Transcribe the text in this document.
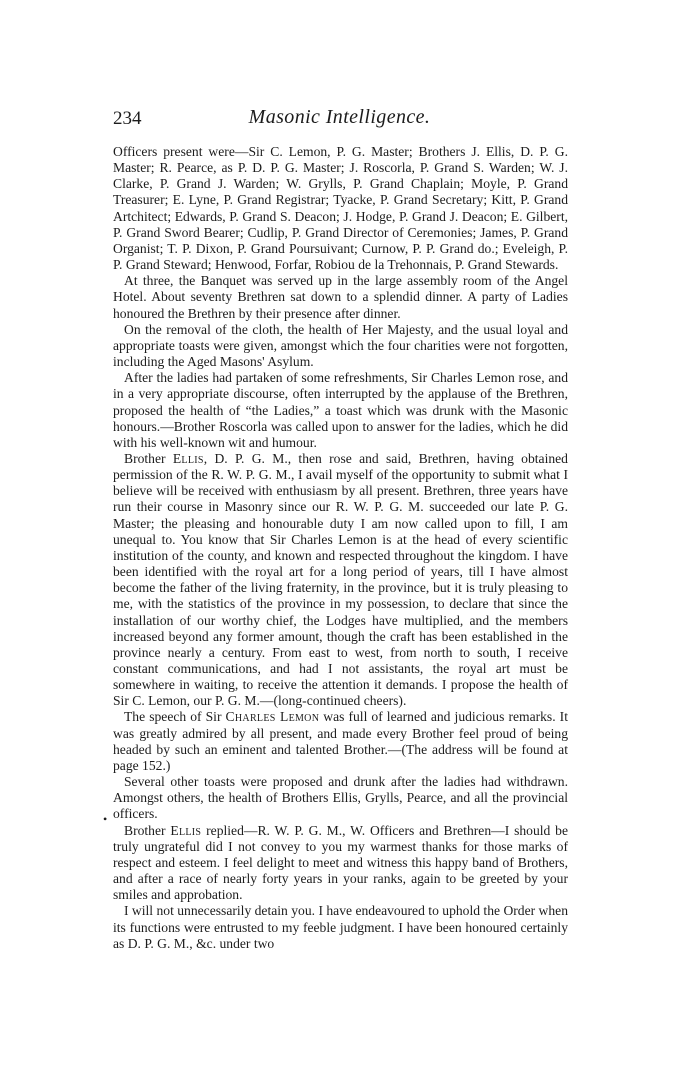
234	Masonic Intelligence.
•

Officers present were—Sir C. Lemon, P. G. Master; Brothers J. Ellis, D. P. G. Master; R. Pearce, as P. D. P. G. Master; J. Roscorla, P. Grand S. Warden; W. J. Clarke, P. Grand J. Warden; W. Grylls, P. Grand Chaplain; Moyle, P. Grand Treasurer; E. Lyne, P. Grand Registrar; Tyacke, P. Grand Secretary; Kitt, P. Grand Artchitect; Edwards, P. Grand S. Deacon; J. Hodge, P. Grand J. Deacon; E. Gilbert, P. Grand Sword Bearer; Cudlip, P. Grand Director of Ceremonies; James, P. Grand Organist; T. P. Dixon, P. Grand Poursuivant; Curnow, P. P. Grand do.; Eveleigh, P. P. Grand Steward; Henwood, Forfar, Robiou de la Trehonnais, P. Grand Stewards.

At three, the Banquet was served up in the large assembly room of the Angel Hotel. About seventy Brethren sat down to a splendid dinner. A party of Ladies honoured the Brethren by their presence after dinner.

On the removal of the cloth, the health of Her Majesty, and the usual loyal and appropriate toasts were given, amongst which the four charities were not forgotten, including the Aged Masons' Asylum.

After the ladies had partaken of some refreshments, Sir Charles Lemon rose, and in a very appropriate discourse, often interrupted by the applause of the Brethren, proposed the health of “the Ladies,” a toast which was drunk with the Masonic honours.—Brother Roscorla was called upon to answer for the ladies, which he did with his well-known wit and humour.

Brother Ellis, D. P. G. M., then rose and said, Brethren, having obtained permission of the R. W. P. G. M., I avail myself of the opportunity to submit what I believe will be received with enthusiasm by all present. Brethren, three years have run their course in Masonry since our R. W. P. G. M. succeeded our late P. G. Master; the pleasing and honourable duty I am now called upon to fill, I am unequal to. You know that Sir Charles Lemon is at the head of every scientific institution of the county, and known and respected throughout the kingdom. I have been identified with the royal art for a long period of years, till I have almost become the father of the living fraternity, in the province, but it is truly pleasing to me, with the statistics of the province in my possession, to declare that since the installation of our worthy chief, the Lodges have multiplied, and the members increased beyond any former amount, though the craft has been established in the province nearly a century. From east to west, from north to south, I receive constant communications, and had I not assistants, the royal art must be somewhere in waiting, to receive the attention it demands. I propose the health of Sir C. Lemon, our P. G. M.—(long-continued cheers).

The speech of Sir Charles Lemon was full of learned and judicious remarks. It was greatly admired by all present, and made every Brother feel proud of being headed by such an eminent and talented Brother.—(The address will be found at page 152.)

Several other toasts were proposed and drunk after the ladies had withdrawn. Amongst others, the health of Brothers Ellis, Grylls, Pearce, and all the provincial officers.

Brother Ellis replied—R. W. P. G. M., W. Officers and Brethren—I should be truly ungrateful did I not convey to you my warmest thanks for those marks of respect and esteem. I feel delight to meet and witness this happy band of Brothers, and after a race of nearly forty years in your ranks, again to be greeted by your smiles and approbation.

I will not unnecessarily detain you. I have endeavoured to uphold the Order when its functions were entrusted to my feeble judgment. I have been honoured certainly as D. P. G. M., &c. under two
